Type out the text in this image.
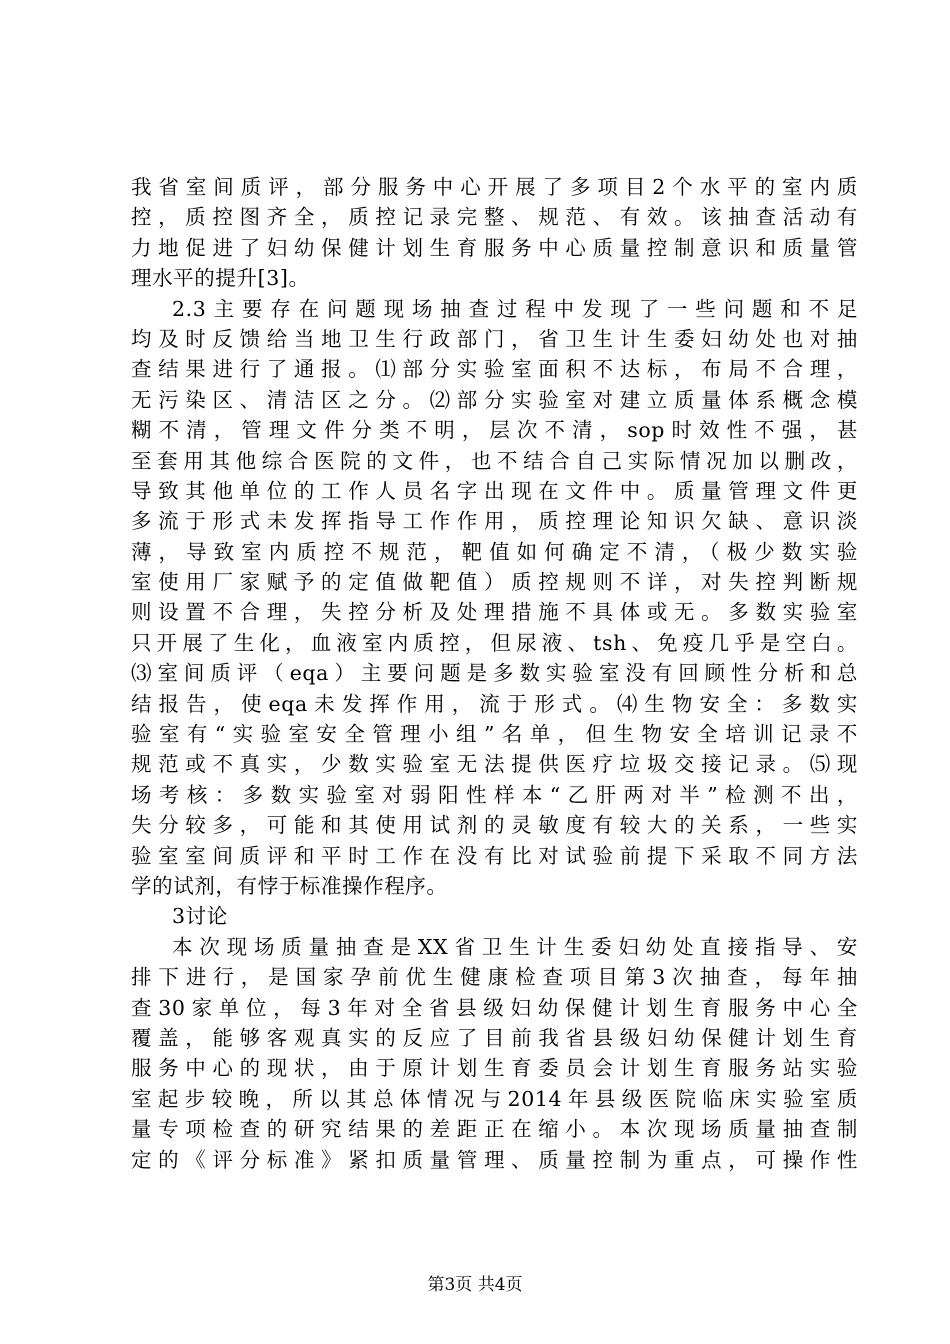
我省室间质评，部分服务中心开展了多项目2个水平的室内质
控，质控图齐全，质控记录完整、规范、有效。该抽查活动有
力地促进了妇幼保健计划生育服务中心质量控制意识和质量管
理水平的提升[3]。
2.3主要存在问题现场抽查过程中发现了一些问题和不足
均及时反馈给当地卫生行政部门，省卫生计生委妇幼处也对抽
查结果进行了通报。⑴部分实验室面积不达标，布局不合理，
无污染区、清洁区之分。⑵部分实验室对建立质量体系概念模
糊不清，管理文件分类不明，层次不清，sop时效性不强，甚
至套用其他综合医院的文件，也不结合自己实际情况加以删改，
导致其他单位的工作人员名字出现在文件中。质量管理文件更
多流于形式未发挥指导工作作用，质控理论知识欠缺、意识淡
薄，导致室内质控不规范，靶值如何确定不清，（极少数实验
室使用厂家赋予的定值做靶值）质控规则不详，对失控判断规
则设置不合理，失控分析及处理措施不具体或无。多数实验室
只开展了生化，血液室内质控，但尿液、tsh、免疫几乎是空白。
⑶室间质评（eqa）主要问题是多数实验室没有回顾性分析和总
结报告，使eqa未发挥作用，流于形式。⑷生物安全：多数实
验室有“实验室安全管理小组”名单，但生物安全培训记录不
规范或不真实，少数实验室无法提供医疗垃圾交接记录。⑸现
场考核：多数实验室对弱阳性样本“乙肝两对半”检测不出，
失分较多，可能和其使用试剂的灵敏度有较大的关系，一些实
验室室间质评和平时工作在没有比对试验前提下采取不同方法
学的试剂，有悖于标准操作程序。
3讨论
本次现场质量抽查是XX省卫生计生委妇幼处直接指导、安
排下进行，是国家孕前优生健康检查项目第3次抽查，每年抽
查30家单位，每3年对全省县级妇幼保健计划生育服务中心全
覆盖，能够客观真实的反应了目前我省县级妇幼保健计划生育
服务中心的现状，由于原计划生育委员会计划生育服务站实验
室起步较晚，所以其总体情况与2014年县级医院临床实验室质
量专项检查的研究结果的差距正在缩小。本次现场质量抽查制
定的《评分标准》紧扣质量管理、质量控制为重点，可操作性
第3页 共4页
